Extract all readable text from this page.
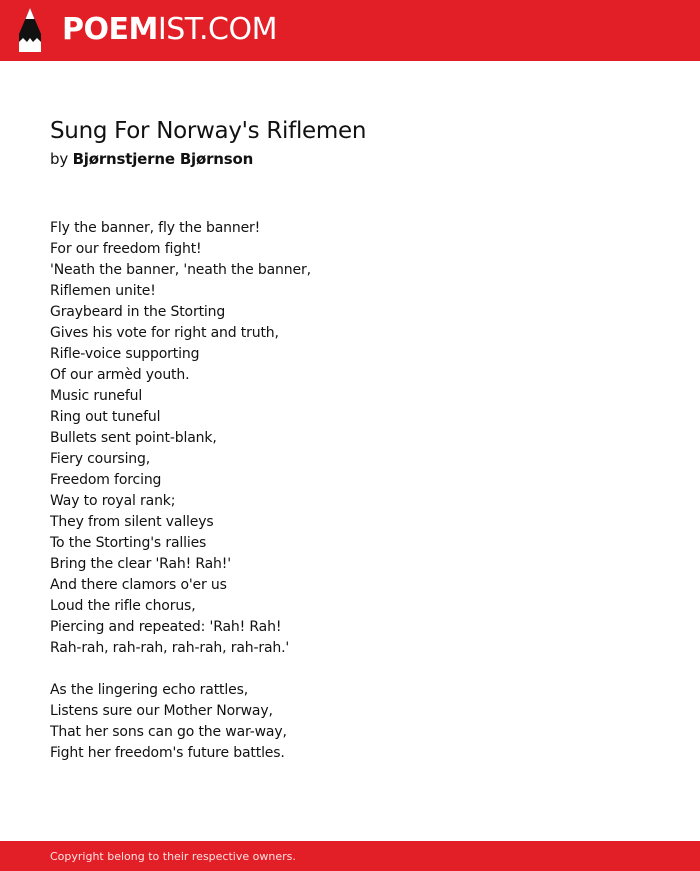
POEMIST.COM
Sung For Norway's Riflemen
by Bjørnstjerne Bjørnson
Fly the banner, fly the banner!
For our freedom fight!
'Neath the banner, 'neath the banner,
Riflemen unite!
Graybeard in the Storting
Gives his vote for right and truth,
Rifle-voice supporting
Of our armèd youth.
Music runeful
Ring out tuneful
Bullets sent point-blank,
Fiery coursing,
Freedom forcing
Way to royal rank;
They from silent valleys
To the Storting's rallies
Bring the clear 'Rah! Rah!'
And there clamors o'er us
Loud the rifle chorus,
Piercing and repeated: 'Rah! Rah!
Rah-rah, rah-rah, rah-rah, rah-rah.'
As the lingering echo rattles,
Listens sure our Mother Norway,
That her sons can go the war-way,
Fight her freedom's future battles.
Copyright belong to their respective owners.
